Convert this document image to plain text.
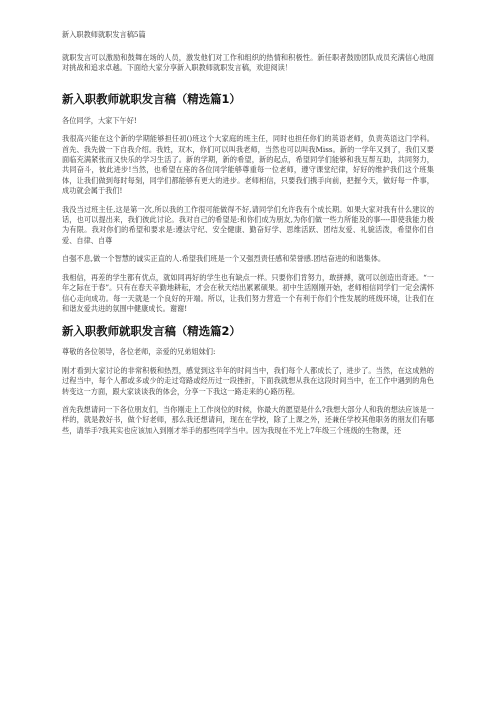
新入职教师就职发言稿5篇

就职发言可以激励和鼓舞在场的人员，激发他们对工作和组织的热情和积极性。新任职者鼓励团队成员充满信心地面对挑战和追求卓越。下面给大家分享新入职教师就职发言稿，欢迎阅读！

新入职教师就职发言稿（精选篇1）

各位同学，大家下午好!

我很高兴能在这个新的学期能够担任初()班这个大家庭的班主任，同时也担任你们的英语老师，负责英语这门学科。首先、我先做一下自我介绍。我姓，双木，你们可以叫我老师，当然也可以叫我Miss。新的一学年又到了，我们又要面临充满紧张而又快乐的学习生活了。新的学期，新的希望，新的起点，希望同学们能够和我互帮互助，共同努力，共同奋斗，彼此进步!当然，也希望在座的各位同学能够尊重每一位老师，遵守课堂纪律，好好的维护我们这个班集体，让我们做到每时每刻，同学们都能够有更大的进步。老师相信，只要我们携手向前，把握今天，做好每一件事，成功就会属于我们!

我没当过班主任,这是第一次,所以我的工作很可能做得不好,请同学们允许我有个成长期。如果大家对我有什么建议的话，也可以提出来，我们彼此讨论。我对自己的希望是:和你们成为朋友,为你们做一些力所能及的事----即使我能力极为有限。我对你们的希望和要求是:遵法守纪、安全健康、勤奋好学、思维活跃、团结友爱、礼貌活泼，希望你们自爱、自律、自尊

自强不息,做一个智慧的诚实正直的人.希望我们班是一个又强烈责任感和荣誉感.团结奋进的和谐集体。

我相信，再差的学生都有优点，就如同再好的学生也有缺点一样。只要你们肯努力，敢拼搏，就可以创造出奇迹。“一年之际在于春”。只有在春天辛勤地耕耘，才会在秋天结出累累硕果。初中生活刚刚开始，老师相信同学们一定会满怀信心走向成功。每一天就是一个良好的开端。所以，让我们努力营造一个有利于你们个性发展的班级环境，让我们在和谐友爱共进的氛围中健康成长。谢谢!

新入职教师就职发言稿（精选篇2）

尊敬的各位领导，各位老师，亲爱的兄弟姐妹们:

刚才看到大家讨论的非常积极和热烈，感觉到这半年的时间当中，我们每个人都成长了，进步了。当然，在这成熟的过程当中，每个人都或多或少的走过弯路或经历过一段挫折，下面我就想从我在这段时间当中，在工作中遇到的角色转变这一方面，跟大家谈谈我的体会，分享一下我这一路走来的心路历程。

首先我想请问一下各位朋友们，当你刚走上工作岗位的时候，你最大的愿望是什么?我想大部分人和我的想法应该是一样的，就是教好书，做个好老师，那么我还想请问，现在在学校，除了上课之外，还兼任学校其他职务的朋友们有哪些，请举手?我其实也应该加入到刚才举手的那些同学当中。因为我现在不光上7年级三个班级的生物课，还
